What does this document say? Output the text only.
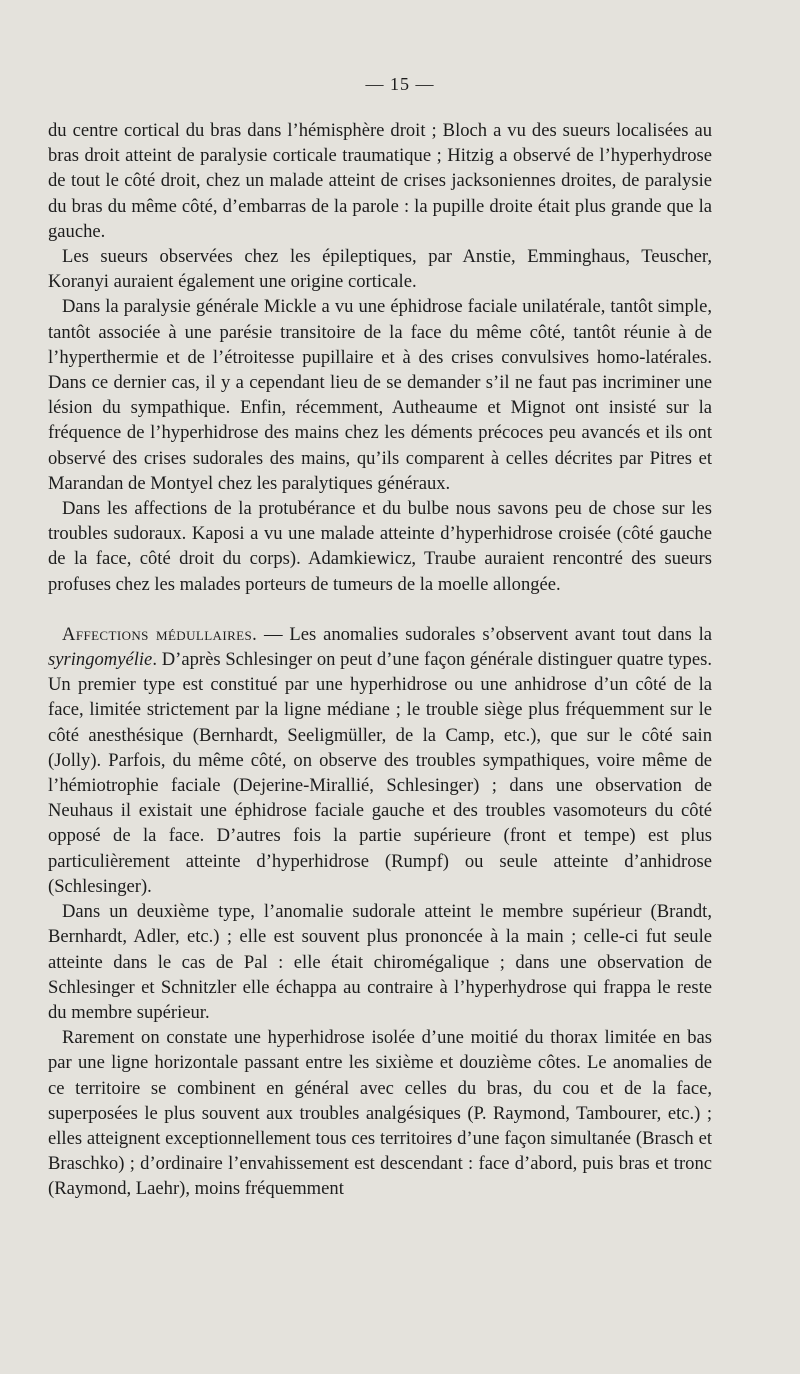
— 15 —

du centre cortical du bras dans l’hémisphère droit ; Bloch a vu des sueurs localisées au bras droit atteint de paralysie corticale traumatique ; Hitzig a observé de l’hyperhydrose de tout le côté droit, chez un malade atteint de crises jacksoniennes droites, de paralysie du bras du même côté, d’embarras de la parole : la pupille droite était plus grande que la gauche.

Les sueurs observées chez les épileptiques, par Anstie, Emminghaus, Teuscher, Koranyi auraient également une origine corticale.

Dans la paralysie générale Mickle a vu une éphidrose faciale unilatérale, tantôt simple, tantôt associée à une parésie transitoire de la face du même côté, tantôt réunie à de l’hyperthermie et de l’étroitesse pupillaire et à des crises convulsives homo-latérales. Dans ce dernier cas, il y a cependant lieu de se demander s’il ne faut pas incriminer une lésion du sympathique. Enfin, récemment, Autheaume et Mignot ont insisté sur la fréquence de l’hyperhidrose des mains chez les déments précoces peu avancés et ils ont observé des crises sudorales des mains, qu’ils comparent à celles décrites par Pitres et Marandan de Montyel chez les paralytiques généraux.

Dans les affections de la protubérance et du bulbe nous savons peu de chose sur les troubles sudoraux. Kaposi a vu une malade atteinte d’hyperhidrose croisée (côté gauche de la face, côté droit du corps). Adamkiewicz, Traube auraient rencontré des sueurs profuses chez les malades porteurs de tumeurs de la moelle allongée.

Affections médullaires. — Les anomalies sudorales s’observent avant tout dans la syringomyélie. D’après Schlesinger on peut d’une façon générale distinguer quatre types. Un premier type est constitué par une hyperhidrose ou une anhidrose d’un côté de la face, limitée strictement par la ligne médiane ; le trouble siège plus fréquemment sur le côté anesthésique (Bernhardt, Seeligmüller, de la Camp, etc.), que sur le côté sain (Jolly). Parfois, du même côté, on observe des troubles sympathiques, voire même de l’hémiotrophie faciale (Dejerine-Mirallié, Schlesinger) ; dans une observation de Neuhaus il existait une éphidrose faciale gauche et des troubles vasomoteurs du côté opposé de la face. D’autres fois la partie supérieure (front et tempe) est plus particulièrement atteinte d’hyperhidrose (Rumpf) ou seule atteinte d’anhidrose (Schlesinger).

Dans un deuxième type, l’anomalie sudorale atteint le membre supérieur (Brandt, Bernhardt, Adler, etc.) ; elle est souvent plus prononcée à la main ; celle-ci fut seule atteinte dans le cas de Pal : elle était chiromégalique ; dans une observation de Schlesinger et Schnitzler elle échappa au contraire à l’hyperhydrose qui frappa le reste du membre supérieur.

Rarement on constate une hyperhidrose isolée d’une moitié du thorax limitée en bas par une ligne horizontale passant entre les sixième et douzième côtes. Le anomalies de ce territoire se combinent en général avec celles du bras, du cou et de la face, superposées le plus souvent aux troubles analgésiques (P. Raymond, Tambourer, etc.) ; elles atteignent exceptionnellement tous ces territoires d’une façon simultanée (Brasch et Braschko) ; d’ordinaire l’envahissement est descendant : face d’abord, puis bras et tronc (Raymond, Laehr), moins fréquemment
